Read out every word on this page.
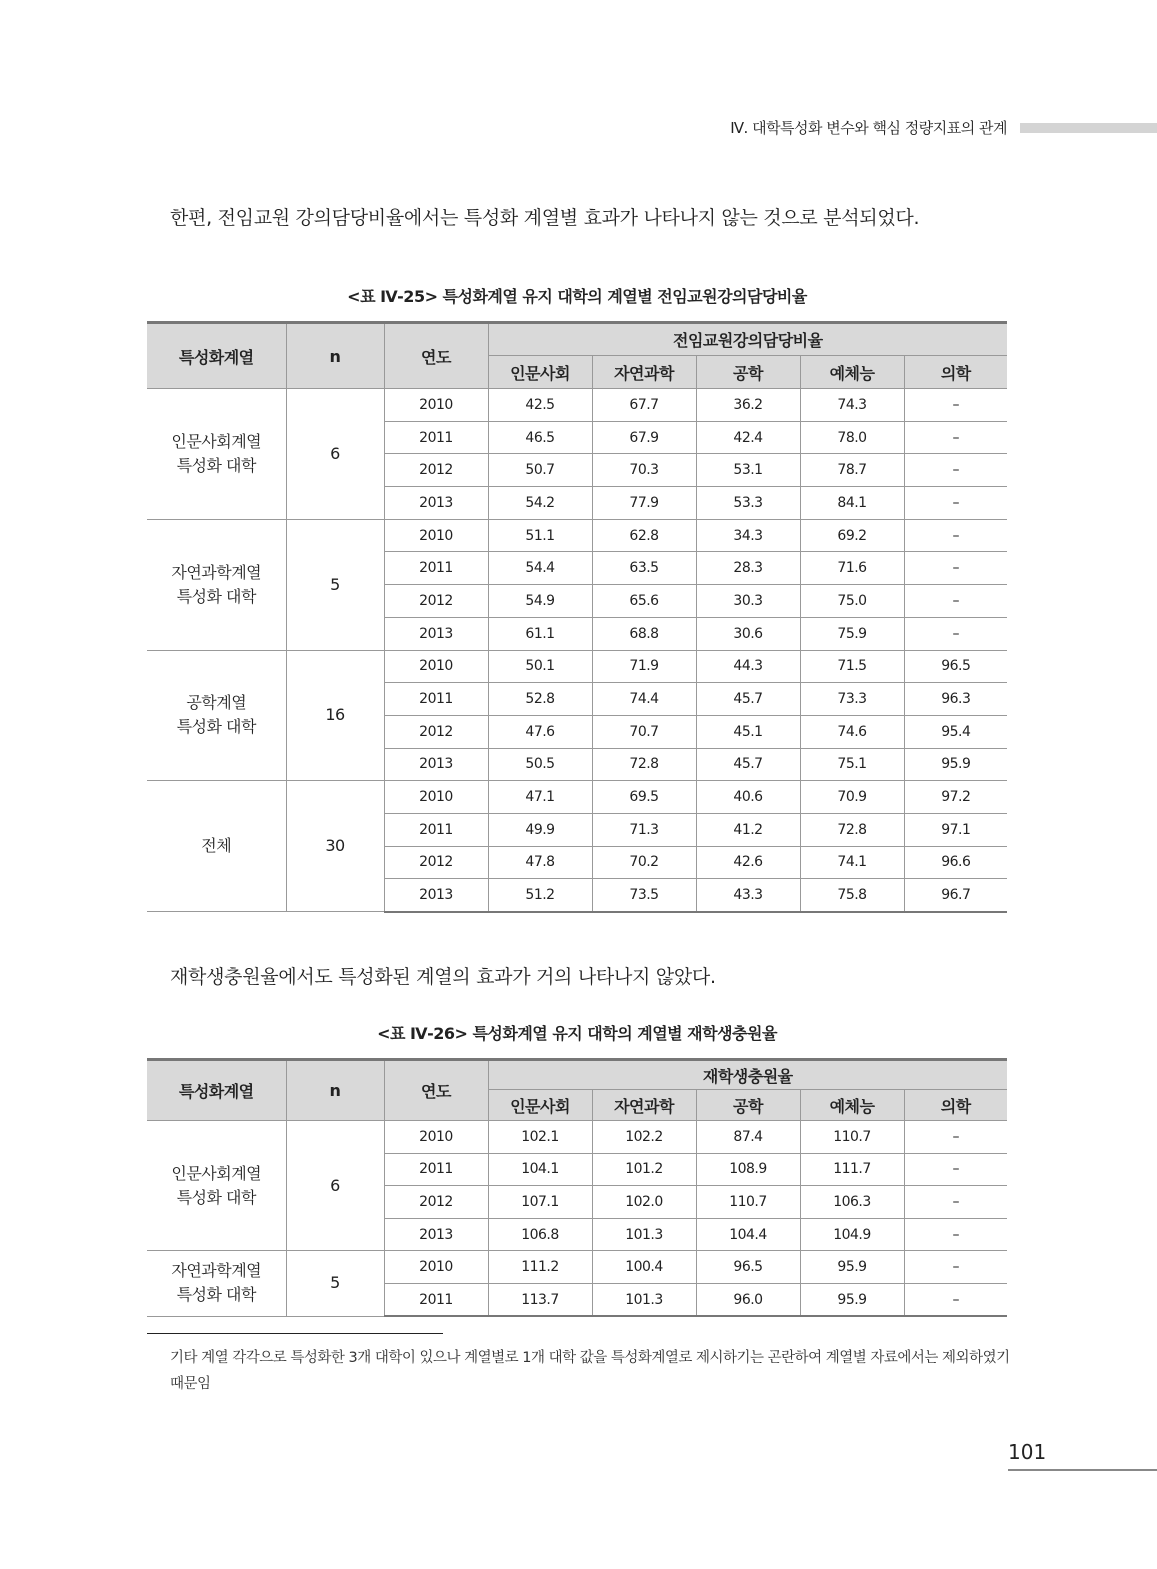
Ⅳ. 대학특성화 변수와 핵심 정량지표의 관계
한편, 전임교원 강의담당비율에서는 특성화 계열별 효과가 나타나지 않는 것으로 분석되었다.
<표 Ⅳ-25> 특성화계열 유지 대학의 계열별 전임교원강의담당비율
특성화계열	n	연도	전임교원강의담당비율				
			인문사회	자연과학	공학	예체능	의학
인문사회계열
특성화 대학	6	2010	42.5	67.7	36.2	74.3	–
		2011	46.5	67.9	42.4	78.0	–
		2012	50.7	70.3	53.1	78.7	–
		2013	54.2	77.9	53.3	84.1	–
자연과학계열
특성화 대학	5	2010	51.1	62.8	34.3	69.2	–
		2011	54.4	63.5	28.3	71.6	–
		2012	54.9	65.6	30.3	75.0	–
		2013	61.1	68.8	30.6	75.9	–
공학계열
특성화 대학	16	2010	50.1	71.9	44.3	71.5	96.5
		2011	52.8	74.4	45.7	73.3	96.3
		2012	47.6	70.7	45.1	74.6	95.4
		2013	50.5	72.8	45.7	75.1	95.9
전체	30	2010	47.1	69.5	40.6	70.9	97.2
		2011	49.9	71.3	41.2	72.8	97.1
		2012	47.8	70.2	42.6	74.1	96.6
		2013	51.2	73.5	43.3	75.8	96.7
재학생충원율에서도 특성화된 계열의 효과가 거의 나타나지 않았다.
<표 Ⅳ-26> 특성화계열 유지 대학의 계열별 재학생충원율
특성화계열	n	연도	재학생충원율				
			인문사회	자연과학	공학	예체능	의학
인문사회계열
특성화 대학	6	2010	102.1	102.2	87.4	110.7	–
		2011	104.1	101.2	108.9	111.7	–
		2012	107.1	102.0	110.7	106.3	–
		2013	106.8	101.3	104.4	104.9	–
자연과학계열
특성화 대학	5	2010	111.2	100.4	96.5	95.9	–
		2011	113.7	101.3	96.0	95.9	–
기타 계열 각각으로 특성화한 3개 대학이 있으나 계열별로 1개 대학 값을 특성화계열로 제시하기는 곤란하여 계열별 자료에서는 제외하였기 때문임
101
